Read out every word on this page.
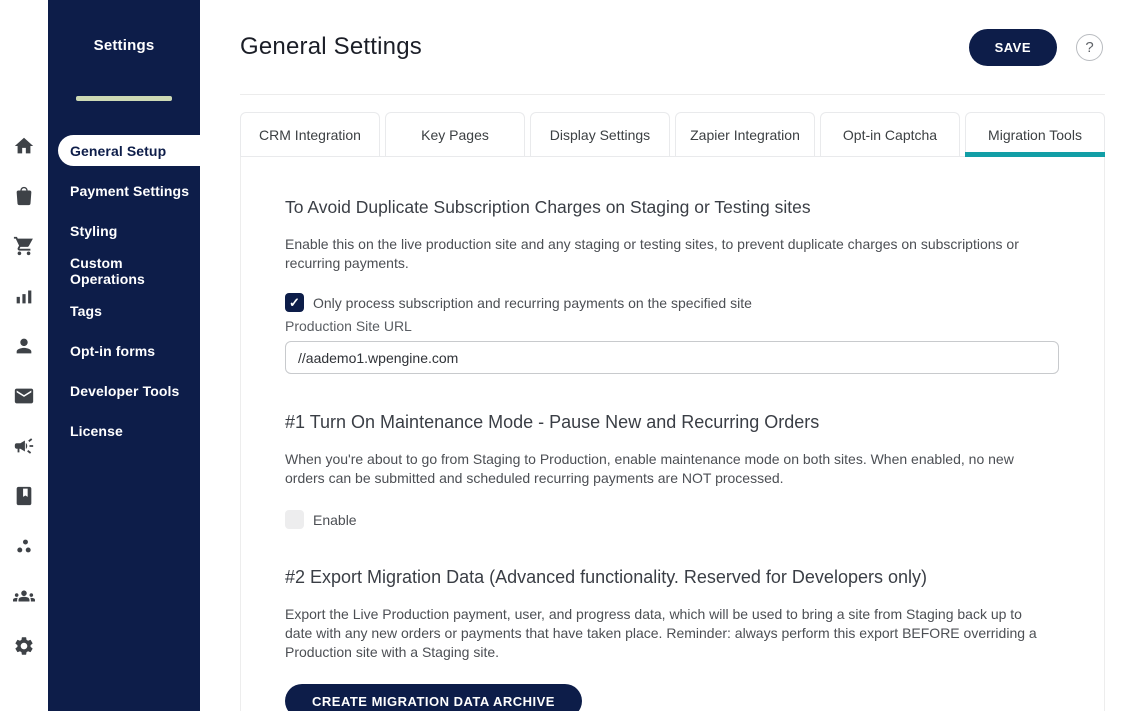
Settings
General Setup
Payment Settings
Styling
Custom Operations
Tags
Opt-in forms
Developer Tools
License
General Settings	SAVE	?
CRM Integration	Key Pages	Display Settings	Zapier Integration	Opt-in Captcha	Migration Tools
To Avoid Duplicate Subscription Charges on Staging or Testing sites

Enable this on the live production site and any staging or testing sites, to prevent duplicate charges on subscriptions or recurring payments.

✓ Only process subscription and recurring payments on the specified site
Production Site URL
//aademo1.wpengine.com
#1 Turn On Maintenance Mode - Pause New and Recurring Orders

When you're about to go from Staging to Production, enable maintenance mode on both sites. When enabled, no new orders can be submitted and scheduled recurring payments are NOT processed.

Enable
#2 Export Migration Data (Advanced functionality. Reserved for Developers only)

Export the Live Production payment, user, and progress data, which will be used to bring a site from Staging back up to date with any new orders or payments that have taken place. Reminder: always perform this export BEFORE overriding a Production site with a Staging site.

CREATE MIGRATION DATA ARCHIVE
